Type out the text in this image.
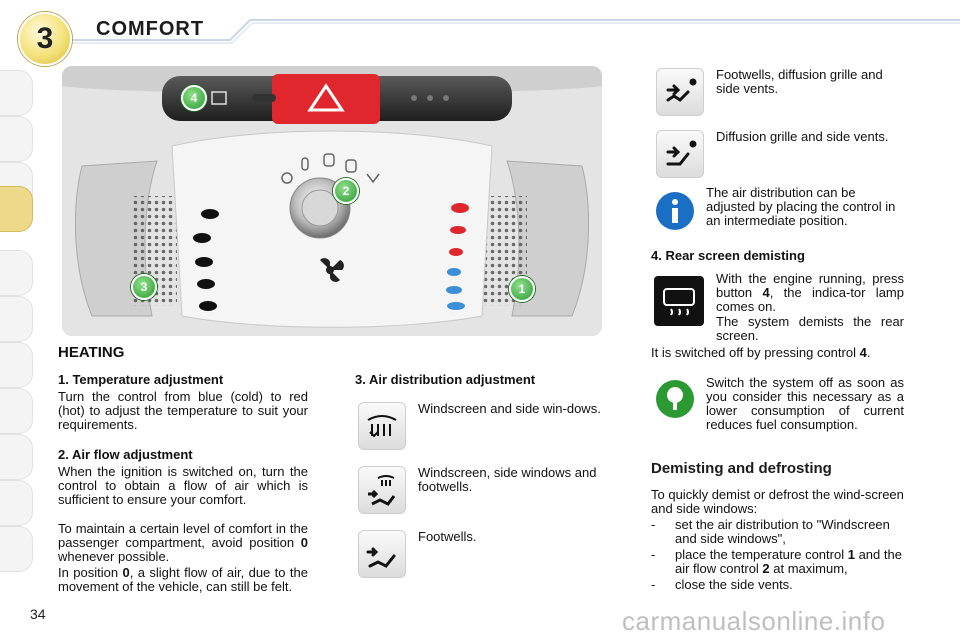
3	COMFORT
4
2
3	1
Footwells, diffusion grille and side vents.
Diffusion grille and side vents.
The air distribution can be adjusted by placing the control in an intermediate position.
4. Rear screen demisting
With the engine running, press button 4, the indica-tor lamp comes on.
The system demists the rear screen.
It is switched off by pressing control 4.
Switch the system off as soon as you consider this necessary as a lower consumption of current reduces fuel consumption.
Demisting and defrosting
To quickly demist or defrost the wind-screen and side windows:
-	set the air distribution to "Windscreen and side windows",
-	place the temperature control 1 and the air flow control 2 at maximum,
-	close the side vents.
HEATING
1. Temperature adjustment
Turn the control from blue (cold) to red (hot) to adjust the temperature to suit your requirements.
2. Air flow adjustment
When the ignition is switched on, turn the control to obtain a flow of air which is sufficient to ensure your comfort.
To maintain a certain level of comfort in the passenger compartment, avoid position 0 whenever possible.
In position 0, a slight flow of air, due to the movement of the vehicle, can still be felt.
3. Air distribution adjustment
Windscreen and side win-dows.
Windscreen, side windows and footwells.
Footwells.
34	carmanualsonline.info
